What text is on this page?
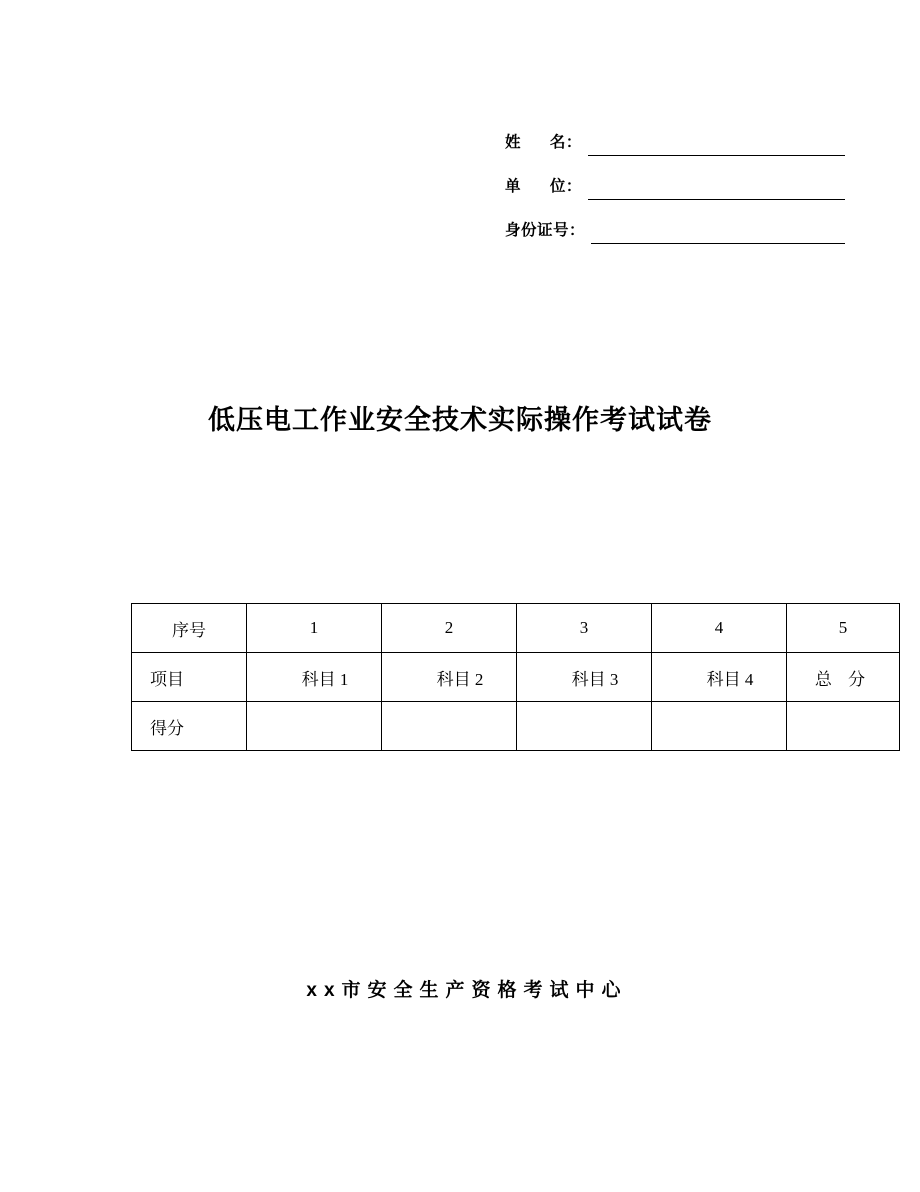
姓      名：
单      位：
身份证号：
低压电工作业安全技术实际操作考试试卷
序号	1	2	3	4	5
项目	科目 1	科目 2	科目 3	科目 4	总 分
得分					
xx市安全生产资格考试中心
